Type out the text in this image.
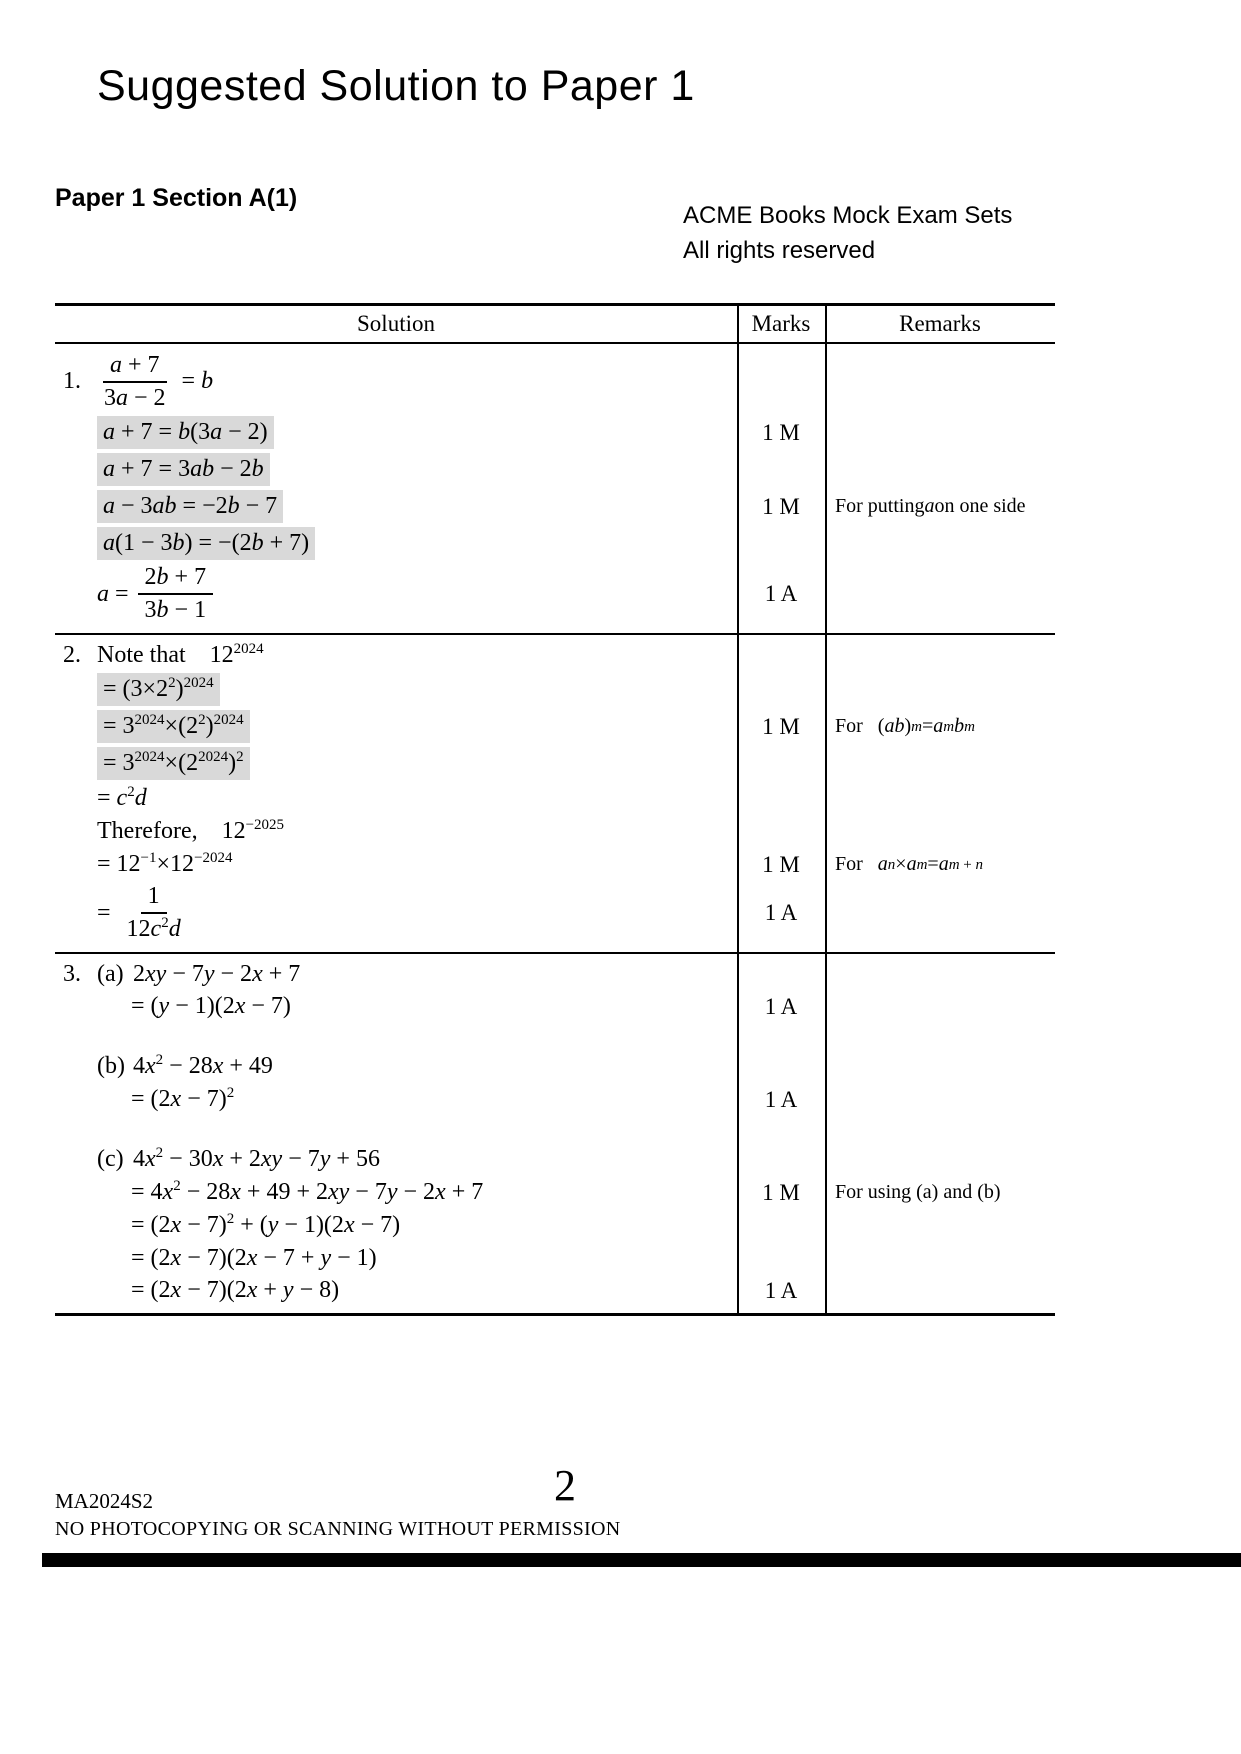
Suggested Solution to Paper 1
Paper 1 Section A(1)
ACME Books Mock Exam Sets
All rights reserved
Solution	Marks	Remarks
1. $\frac{a + 7}{3a - 2} = b$
a + 7 = b(3a − 2)	1 M
a + 7 = 3ab − 2b
a − 3ab = −2b − 7	1 M	For putting a on one side
a(1 − 3b) = −(2b + 7)
$a = \frac{2b + 7}{3b - 1}$	1 A
2. Note that    $12^{2024}$
= $(3\times 2^2)^{2024}$
= $3^{2024}\times(2^2)^{2024}$	1 M	For   ( ab ) m = a m b m
= $3^{2024}\times(2^{2024})^2$
= $c^2d$
Therefore,    $12^{-2025}$
= $12^{-1}\times 12^{-2024}$	1 M	For a n × a m = a m + n
= $\frac{1}{12c^2d}$	1 A
3. (a) 2xy − 7y − 2x + 7
= (y − 1)(2x − 7)	1 A
(b) $4x^2 - 28x + 49$
= $(2x - 7)^2$	1 A
(c) $4x^2 - 30x + 2xy - 7y + 56$
= $4x^2 - 28x + 49 + 2xy - 7y - 2x + 7$	1 M	For using (a) and (b)
= $(2x - 7)^2 + (y - 1)(2x - 7)$
= (2x − 7)(2x − 7 + y − 1)
= (2x − 7)(2x + y − 8)	1 A
MA2024S2	2
NO PHOTOCOPYING OR SCANNING WITHOUT PERMISSION
